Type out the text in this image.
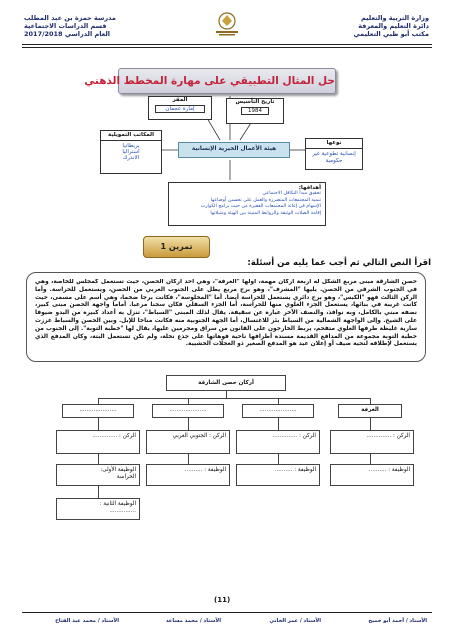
وزارة التربية والتعليم
دائرة التعليم والمعرفة
مكتب أبو ظبي التعليمي
مدرسة حمزة بن عبد المطلب
قسم الدراسات الاجتماعية
العام الدراسي 2017/2018
حل المثال التطبيقي على مهارة المخطط الذهني
تاريخ التأسيس
1984
المقر
إمارة عجمان
هيئة الأعمال الخيرية الإنسانية
المكاتب التمويلية
بريطانيا
استراليا
الاندرك
نوعها
إنسانية تطوعية غير حكومية
أهدافها:
تحقيق مبدأ التكافل الاجتماعي
تنمية المجتمعات المتضررة والعمل على تحسين أوضاعها
الإسهام في إغاثة المجتمعات الفقيرة من حيث برامج الكوارث
إقامة الصلات الوثيقة والروابط المتينة بين الهيئة ومثيلاتها
تمرين 1
اقرأ النص التالي ثم أجب عما يليه من أسئلة:

حصن الشارقة مبنى مربع الشكل له أربعة أركان مهمة، أولها "الغرفة"، وهي أحد أركان الحصن، حيث تستعمل كمجلس للخاصة، وهي في الجنوب الشرقي من الحصن. يليها "المشرف"، وهو برج مربع يطل على الجنوب الغربي من الحصن، ويستعمل للحراسة. وأما الركن الثالث فهو "الكبس"، وهو برج دائري يستعمل للحراسة أيضا. أما "المحلوسة"، فكانت برجا ضخما، وهي أسم على مسمى، حيث كانت غريبة في بنائها، يستعمل الجزء العلوي منها للحراسة، أما الجزء السفلي فكان سجنا مرعبا. أماما واجهة الحصن مبنى كبير، نصفه مبني بالكامل، وبه نوافذ، والنصف الآخر عبارة عن سقيفة. يقال لذلك المبنى "السباط"، تنزل به أعداد كبيرة من البدو ضيوفا على الشيخ. وإلى الواجهة الشمالية من السباط بئر للاغتسال، أما الجهة الجنوبية منه فكانت مناخا للإبل. وبين الحصن والسباط غرزت سارية غليظة طرفها العلوي متفحم، يربط الخارجون على القانون من سراق ومجرمين عليها، يقال لها "خطبة التوبة". إلى الجنوب من حطبة التوبة مجموعة من المدافع القديمة مسندة أطرافها ناحية فوهاتها على جذع نخلة، ولم تكن تستعمل البتة، وكان المدفع الذي يستعمل لإطلاقه لتحية ضيف أو إعلان عيد هو المدفع الصغير ذو العجلات الخشبية.

أركان حصن الشارقة
.....................	.....................	.....................	الغرفة
الركن : ..............	الركن : الجنوبي الغربي	الركن : ..............	الركن : ..............
الوظيفة الأولى:
الحراسة
الوظيفة : ..........	الوظيفة : ..........	الوظيفة : ..........
الوظيفة الثانية :
...............
(11)
الأستاذ / أحمد أبو خميخ
الأستاذ / عمر الخاني
الأستاذ / محمد مساعد
الأستاذ / محمد عبد الفتاح
